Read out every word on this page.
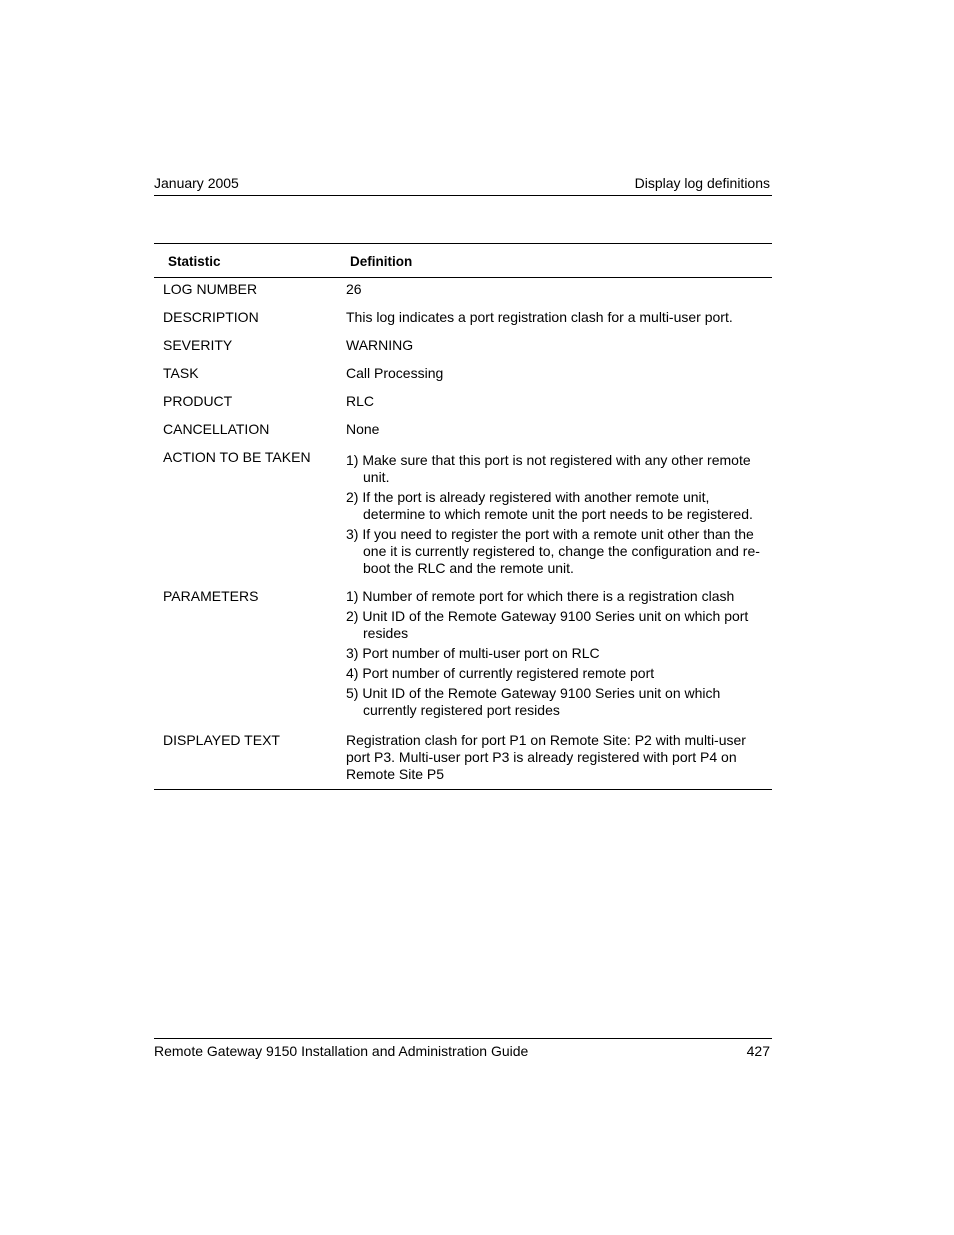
January 2005	Display log definitions
Statistic	Definition
LOG NUMBER	26
DESCRIPTION	This log indicates a port registration clash for a multi-user port.
SEVERITY	WARNING
TASK	Call Processing
PRODUCT	RLC
CANCELLATION	None
ACTION TO BE TAKEN	1) Make sure that this port is not registered with any other remote unit.
2) If the port is already registered with another remote unit, determine to which remote unit the port needs to be registered.
3) If you need to register the port with a remote unit other than the one it is currently registered to, change the configuration and re-boot the RLC and the remote unit.
PARAMETERS	1) Number of remote port for which there is a registration clash
2) Unit ID of the Remote Gateway 9100 Series unit on which port resides
3) Port number of multi-user port on RLC
4) Port number of currently registered remote port
5) Unit ID of the Remote Gateway 9100 Series unit on which currently registered port resides
DISPLAYED TEXT	Registration clash for port P1 on Remote Site: P2 with multi-user port P3. Multi-user port P3 is already registered with port P4 on Remote Site P5
Remote Gateway 9150 Installation and Administration Guide	427
